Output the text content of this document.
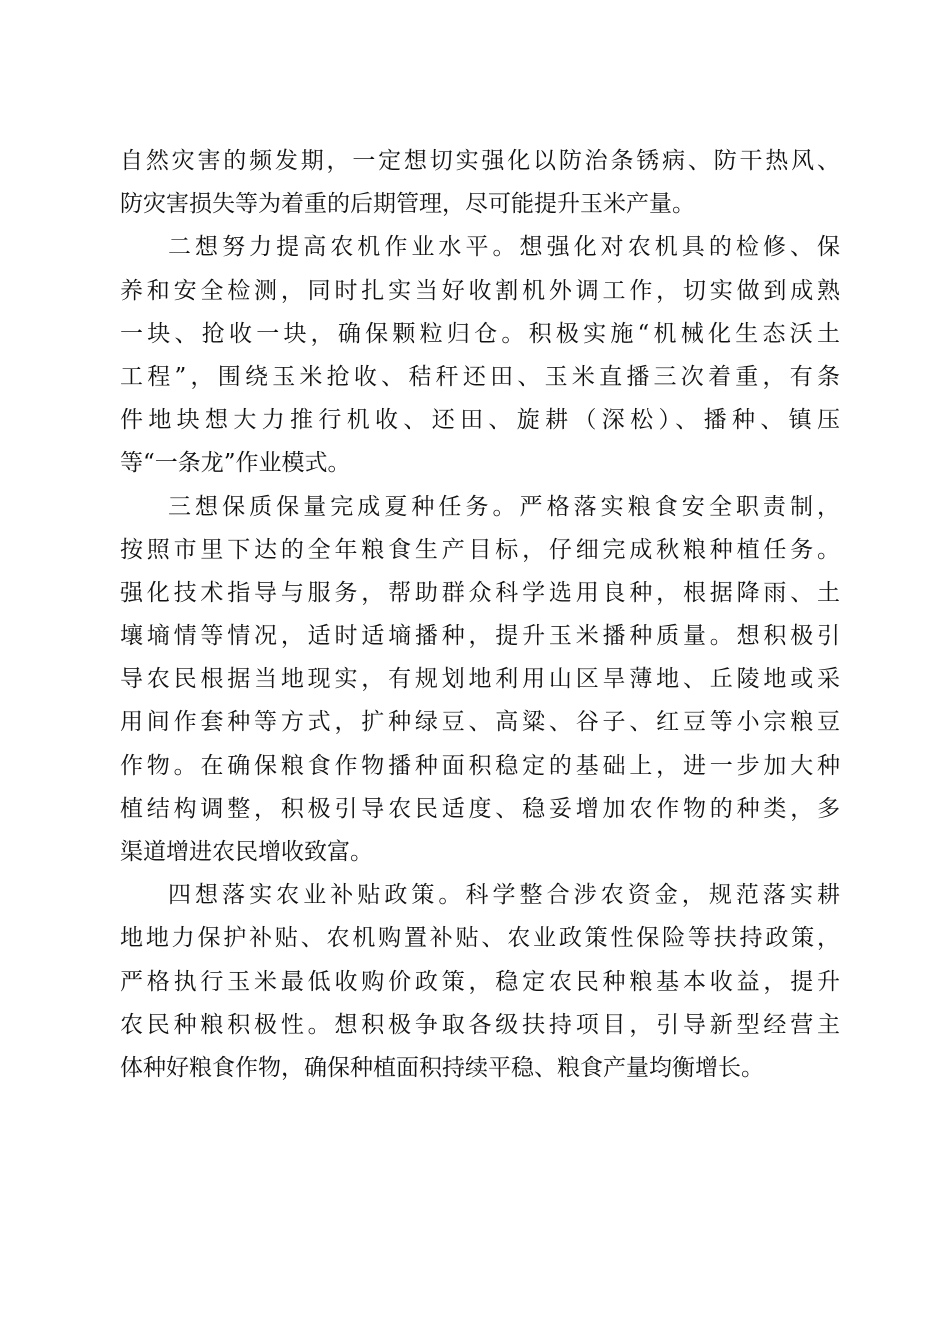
自然灾害的频发期，一定想切实强化以防治条锈病、防干热风、
防灾害损失等为着重的后期管理，尽可能提升玉米产量。
二想努力提高农机作业水平。想强化对农机具的检修、保
养和安全检测，同时扎实当好收割机外调工作，切实做到成熟
一块、抢收一块，确保颗粒归仓。积极实施“机械化生态沃土
工程”，围绕玉米抢收、秸秆还田、玉米直播三次着重，有条
件地块想大力推行机收、还田、旋耕（深松）、播种、镇压
等“一条龙”作业模式。
三想保质保量完成夏种任务。严格落实粮食安全职责制，
按照市里下达的全年粮食生产目标，仔细完成秋粮种植任务。
强化技术指导与服务，帮助群众科学选用良种，根据降雨、土
壤墒情等情况，适时适墒播种，提升玉米播种质量。想积极引
导农民根据当地现实，有规划地利用山区旱薄地、丘陵地或采
用间作套种等方式，扩种绿豆、高粱、谷子、红豆等小宗粮豆
作物。在确保粮食作物播种面积稳定的基础上，进一步加大种
植结构调整，积极引导农民适度、稳妥增加农作物的种类，多
渠道增进农民增收致富。
四想落实农业补贴政策。科学整合涉农资金，规范落实耕
地地力保护补贴、农机购置补贴、农业政策性保险等扶持政策，
严格执行玉米最低收购价政策，稳定农民种粮基本收益，提升
农民种粮积极性。想积极争取各级扶持项目，引导新型经营主
体种好粮食作物，确保种植面积持续平稳、粮食产量均衡增长。
